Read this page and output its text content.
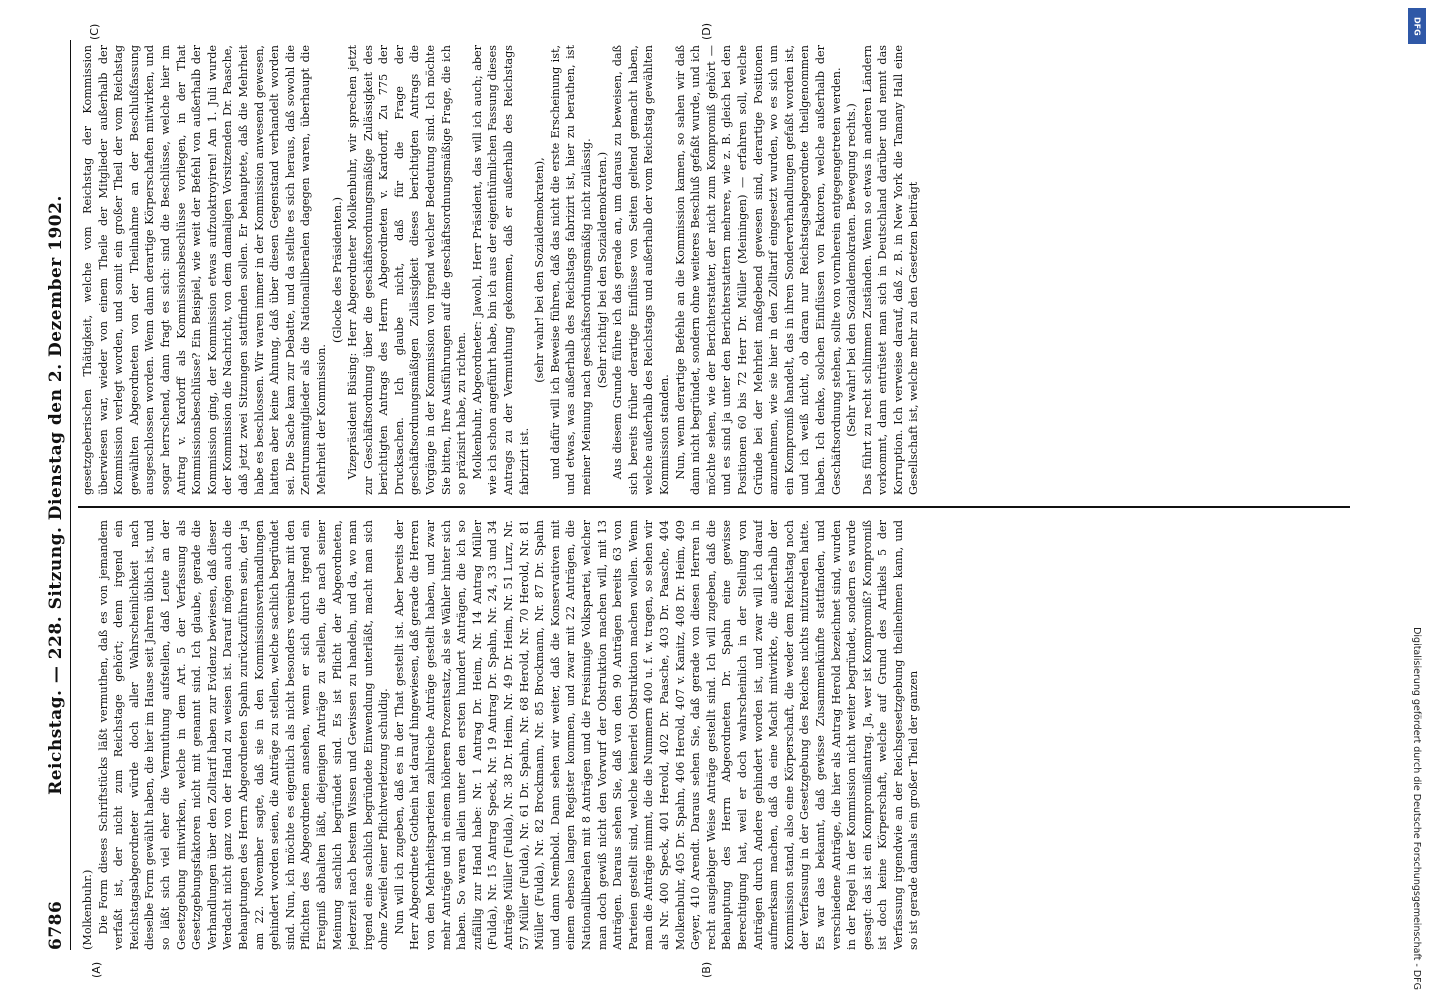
6786
Reichstag. — 228. Sitzung. Dienstag den 2. Dezember 1902.
(A)
(C)	(D)
(B)

(Molkenbuhr.) Die Form dieses Schriftstücks läßt vermuthen, daß es von jemandem verfaßt ist, der nicht zum Reichstage gehört; denn irgend ein Reichstagsabgeordneter würde doch aller Wahrscheinlichkeit nach dieselbe Form gewählt haben, die hier im Hause seit Jahren üblich ist, und so läßt sich viel eher die Vermuthung aufstellen, daß Leute an der Gesetzgebung mitwirken, welche in dem Art. 5 der Verfassung als Gesetzgebungsfaktoren nicht mit genannt sind. Ich glaube, gerade die Verhandlungen über den Zolltarif haben zur Evidenz bewiesen, daß dieser Verdacht nicht ganz von der Hand zu weisen ist. Darauf mögen auch die Behauptungen des Herrn Abgeordneten Spahn zurückzuführen sein, der ja am 22. November sagte, daß sie in den Kommissionsverhandlungen gehindert worden seien, die Anträge zu stellen, welche sachlich begründet sind. Nun, ich möchte es eigentlich als nicht besonders vereinbar mit den Pflichten des Abgeordneten ansehen, wenn er sich durch irgend ein Ereigniß abhalten läßt, diejenigen Anträge zu stellen, die nach seiner Meinung sachlich begründet sind. Es ist Pflicht der Abgeordneten, jederzeit nach bestem Wissen und Gewissen zu handeln, und da, wo man irgend eine sachlich begründete Einwendung unterläßt, macht man sich ohne Zweifel einer Pflichtverletzung schuldig. Nun will ich zugeben, daß es in der That gestellt ist. Aber bereits der Herr Abgeordnete Gothein hat darauf hingewiesen, daß gerade die Herren von den Mehrheitsparteien zahlreiche Anträge gestellt haben, und zwar mehr Anträge und in einem höheren Prozentsatz, als sie Wähler hinter sich haben. So waren allein unter den ersten hundert Anträgen, die ich so zufällig zur Hand habe: Nr. 1 Antrag Dr. Heim, Nr. 14 Antrag Müller (Fulda), Nr. 15 Antrag Speck, Nr. 19 Antrag Dr. Spahn, Nr. 24, 33 und 34 Anträge Müller (Fulda), Nr. 38 Dr. Heim, Nr. 49 Dr. Heim, Nr. 51 Lurz, Nr. 57 Müller (Fulda), Nr. 61 Dr. Spahn, Nr. 68 Herold, Nr. 70 Herold, Nr. 81 Müller (Fulda), Nr. 82 Brockmann, Nr. 85 Brockmann, Nr. 87 Dr. Spahn und dann Nembold. Dann sehen wir weiter, daß die Konservativen mit einem ebenso langen Register kommen, und zwar mit 22 Anträgen, die Nationalliberalen mit 8 Anträgen und die Freisinnige Volkspartei, welcher man doch gewiß nicht den Vorwurf der Obstruktion machen will, mit 13 Anträgen. Daraus sehen Sie, daß von den 90 Anträgen bereits 63 von Parteien gestellt sind, welche keinerlei Obstruktion machen wollen. Wenn man die Anträge nimmt, die die Nummern 400 u. f. w. tragen, so sehen wir als Nr. 400 Speck, 401 Herold, 402 Dr. Paasche, 403 Dr. Paasche, 404 Molkenbuhr, 405 Dr. Spahn, 406 Herold, 407 v. Kanitz, 408 Dr. Heim, 409 Geyer, 410 Arendt. Daraus sehen Sie, daß gerade von diesen Herren in recht ausgiebiger Weise Anträge gestellt sind. Ich will zugeben, daß die Behauptung des Herrn Abgeordneten Dr. Spahn eine gewisse Berechtigung hat, weil er doch wahrscheinlich in der Stellung von Anträgen durch Andere gehindert worden ist, und zwar will ich darauf aufmerksam machen, daß da eine Macht mitwirkte, die außerhalb der Kommission stand, also eine Körperschaft, die weder dem Reichstag noch der Verfassung in der Gesetzgebung des Reiches nichts mitzureden hatte. Es war das bekannt, daß gewisse Zusammenkünfte stattfanden, und verschiedene Anträge, die hier als Antrag Herold bezeichnet sind, wurden in der Regel in der Kommission nicht weiter begründet, sondern es wurde gesagt: das ist ein Kompromißantrag. Ja, wer ist Kompromiß? Kompromiß ist doch keine Körperschaft, welche auf Grund des Artikels 5 der Verfassung irgendwie an der Reichsgesetzgebung theilnehmen kann, und so ist gerade damals ein großer Theil der ganzen

gesetzgeberischen Thätigkeit, welche vom Reichstag der Kommission überwiesen war, wieder von einem Theile der Mitglieder außerhalb der Kommission verlegt worden, und somit ein großer Theil der vom Reichstag gewählten Abgeordneten von der Theilnahme an der Beschlußfassung ausgeschlossen worden. Wenn dann derartige Körperschaften mitwirken, und sogar herrschend, dann fragt es sich: sind die Beschlüsse, welche hier im Antrag v. Kardorff als Kommissionsbeschlüsse vorliegen, in der That Kommissionsbeschlüsse? Ein Beispiel, wie weit der Befehl von außerhalb der Kommission ging, der Kommission etwas aufzuoktroyiren! Am 1. Juli wurde der Kommission die Nachricht, von dem damaligen Vorsitzenden Dr. Paasche, daß jetzt zwei Sitzungen stattfinden sollen. Er behauptete, daß die Mehrheit habe es beschlossen. Wir waren immer in der Kommission anwesend gewesen, hatten aber keine Ahnung, daß über diesen Gegenstand verhandelt worden sei. Die Sache kam zur Debatte, und da stellte es sich heraus, daß sowohl die Zentrumsmitglieder als die Nationalliberalen dagegen waren, überhaupt die Mehrheit der Kommission.

(Glocke des Präsidenten.) Vizepräsident Büsing: Herr Abgeordneter Molkenbuhr, wir sprechen jetzt zur Geschäftsordnung über die geschäftsordnungsmäßige Zulässigkeit des berichtigten Antrags des Herrn Abgeordneten v. Kardorff, Zu 775 der Drucksachen. Ich glaube nicht, daß für die Frage der geschäftsordnungsmäßigen Zulässigkeit dieses berichtigten Antrags die Vorgänge in der Kommission von irgend welcher Bedeutung sind. Ich möchte Sie bitten, Ihre Ausführungen auf die geschäftsordnungsmäßige Frage, die ich so präzisirt habe, zu richten. Molkenbuhr, Abgeordneter: Jawohl, Herr Präsident, das will ich auch; aber wie ich schon angeführt habe, bin ich aus der eigenthümlichen Fassung dieses Antrags zu der Vermuthung gekommen, daß er außerhalb des Reichstags fabrizirt ist.

(sehr wahr! bei den Sozialdemokraten), und dafür will ich Beweise führen, daß das nicht die erste Erscheinung ist, und etwas, was außerhalb des Reichstags fabrizirt ist, hier zu berathen, ist meiner Meinung nach geschäftsordnungsmäßig nicht zulässig. (Sehr richtig! bei den Sozialdemokraten.) Aus diesem Grunde führe ich das gerade an, um daraus zu beweisen, daß sich bereits früher derartige Einflüsse von Seiten geltend gemacht haben, welche außerhalb des Reichstags und außerhalb der vom Reichstag gewählten Kommission standen. Nun, wenn derartige Befehle an die Kommission kamen, so sahen wir daß dann nicht begründet, sondern ohne weiteres Beschluß gefaßt wurde, und ich möchte sehen, wie der Berichterstatter, der nicht zum Kompromiß gehört — und es sind ja unter den Berichterstattern mehrere, wie z. B. gleich bei den Positionen 60 bis 72 Herr Dr. Müller (Meiningen) — erfahren soll, welche Gründe bei der Mehrheit maßgebend gewesen sind, derartige Positionen anzunehmen, wie sie hier in den Zolltarif eingesetzt wurden, wo es sich um ein Kompromiß handelt, das in ihren Sonderverhandlungen gefaßt worden ist, und ich weiß nicht, ob daran nur Reichstagsabgeordnete theilgenommen haben. Ich denke, solchen Einflüssen von Faktoren, welche außerhalb der Geschäftsordnung stehen, sollte von vornherein entgegengetreten werden. (Sehr wahr! bei den Sozialdemokraten. Bewegung rechts.) Das führt zu recht schlimmen Zuständen. Wenn so etwas in anderen Ländern vorkommt, dann entrüstet man sich in Deutschland darüber und nennt das Korruption. Ich verweise darauf, daß z. B. in New York die Tamany Hall eine Gesellschaft ist, welche mehr zu den Gesetzen beiträgt

Digitalisierung gefördert durch die Deutsche Forschungsgemeinschaft - DFG
DFG
